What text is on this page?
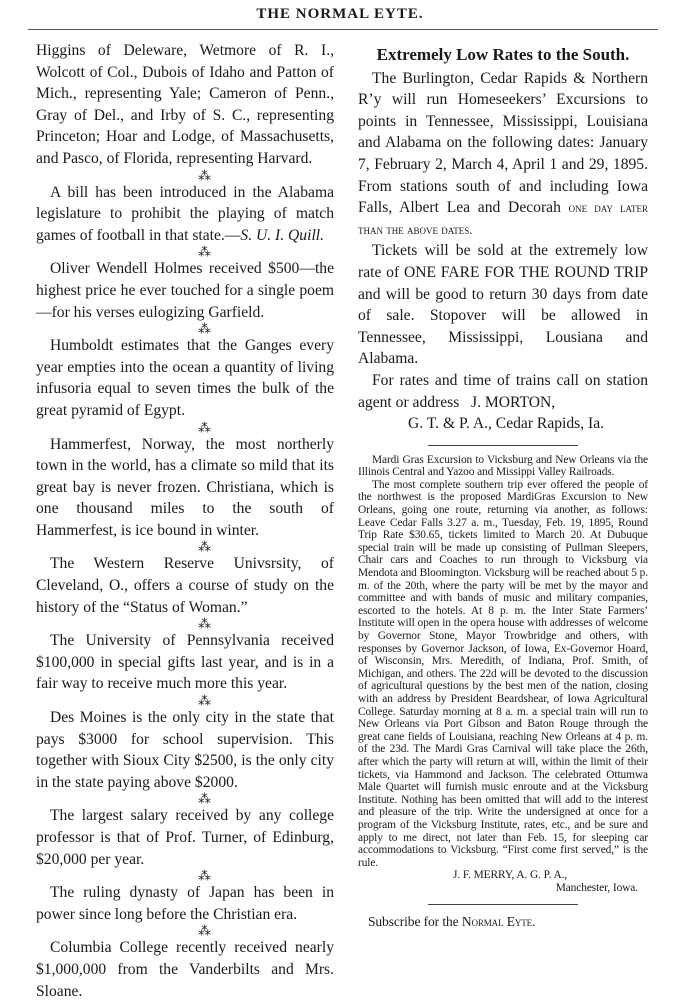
THE NORMAL EYTE.

Higgins of Deleware, Wetmore of R. I., Wolcott of Col., Dubois of Idaho and Patton of Mich., representing Yale; Cameron of Penn., Gray of Del., and Irby of S. C., representing Princeton; Hoar and Lodge, of Massachusetts, and Pasco, of Florida, representing Harvard.

⁂

A bill has been introduced in the Alabama legislature to prohibit the playing of match games of football in that state.—S. U. I. Quill.

⁂

Oliver Wendell Holmes received $500—the highest price he ever touched for a single poem —for his verses eulogizing Garfield.

⁂

Humboldt estimates that the Ganges every year empties into the ocean a quantity of living infusoria equal to seven times the bulk of the great pyramid of Egypt.

⁂

Hammerfest, Norway, the most northerly town in the world, has a climate so mild that its great bay is never frozen. Christiana, which is one thousand miles to the south of Hammerfest, is ice bound in winter.

⁂

The Western Reserve Univsrsity, of Cleveland, O., offers a course of study on the history of the “Status of Woman.”

⁂

The University of Pennsylvania received $100,000 in special gifts last year, and is in a fair way to receive much more this year.

⁂

Des Moines is the only city in the state that pays $3000 for school supervision. This together with Sioux City $2500, is the only city in the state paying above $2000.

⁂

The largest salary received by any college professor is that of Prof. Turner, of Edinburg, $20,000 per year.

⁂

The ruling dynasty of Japan has been in power since long before the Christian era.

⁂

Columbia College recently received nearly $1,000,000 from the Vanderbilts and Mrs. Sloane.

Extremely Low Rates to the South.

The Burlington, Cedar Rapids & Northern R’y will run Homeseekers’ Excursions to points in Tennessee, Mississippi, Louisiana and Alabama on the following dates: January 7, February 2, March 4, April 1 and 29, 1895. From stations south of and including Iowa Falls, Albert Lea and Decorah one day later than the above dates.

Tickets will be sold at the extremely low rate of ONE FARE FOR THE ROUND TRIP and will be good to return 30 days from date of sale. Stopover will be allowed in Tennessee, Mississippi, Lousiana and Alabama.

For rates and time of trains call on station agent or address J. MORTON,

G. T. & P. A., Cedar Rapids, Ia.

Mardi Gras Excursion to Vicksburg and New Orleans via the Illinois Central and Yazoo and Missippi Valley Railroads.

The most complete southern trip ever offered the people of the northwest is the proposed MardiGras Excursion to New Orleans, going one route, returning via another, as follows: Leave Cedar Falls 3.27 a. m., Tuesday, Feb. 19, 1895, Round Trip Rate $30.65, tickets limited to March 20. At Dubuque special train will be made up consisting of Pullman Sleepers, Chair cars and Coaches to run through to Vicksburg via Mendota and Bloomington. Vicksburg will be reached about 5 p. m. of the 20th, where the party will be met by the mayor and committee and with bands of music and military companies, escorted to the hotels. At 8 p. m. the Inter State Farmers’ Institute will open in the opera house with addresses of welcome by Governor Stone, Mayor Trowbridge and others, with responses by Governor Jackson, of Iowa, Ex-Governor Hoard, of Wisconsin, Mrs. Meredith, of Indiana, Prof. Smith, of Michigan, and others. The 22d will be devoted to the discussion of agricultural questions by the best men of the nation, closing with an address by President Beardshear, of Iowa Agricultural College. Saturday morning at 8 a. m. a special train will run to New Orleans via Port Gibson and Baton Rouge through the great cane fields of Louisiana, reaching New Orleans at 4 p. m. of the 23d. The Mardi Gras Carnival will take place the 26th, after which the party will return at will, within the limit of their tickets, via Hammond and Jackson. The celebrated Ottumwa Male Quartet will furnish music enroute and at the Vicksburg Institute. Nothing has been omitted that will add to the interest and pleasure of the trip. Write the undersigned at once for a program of the Vicksburg Institute, rates, etc., and be sure and apply to me direct, not later than Feb. 15, for sleeping car accommodations to Vicksburg. “First come first served,” is the rule.

J. F. MERRY, A. G. P. A.,

Manchester, Iowa.

Subscribe for the Normal Eyte.
